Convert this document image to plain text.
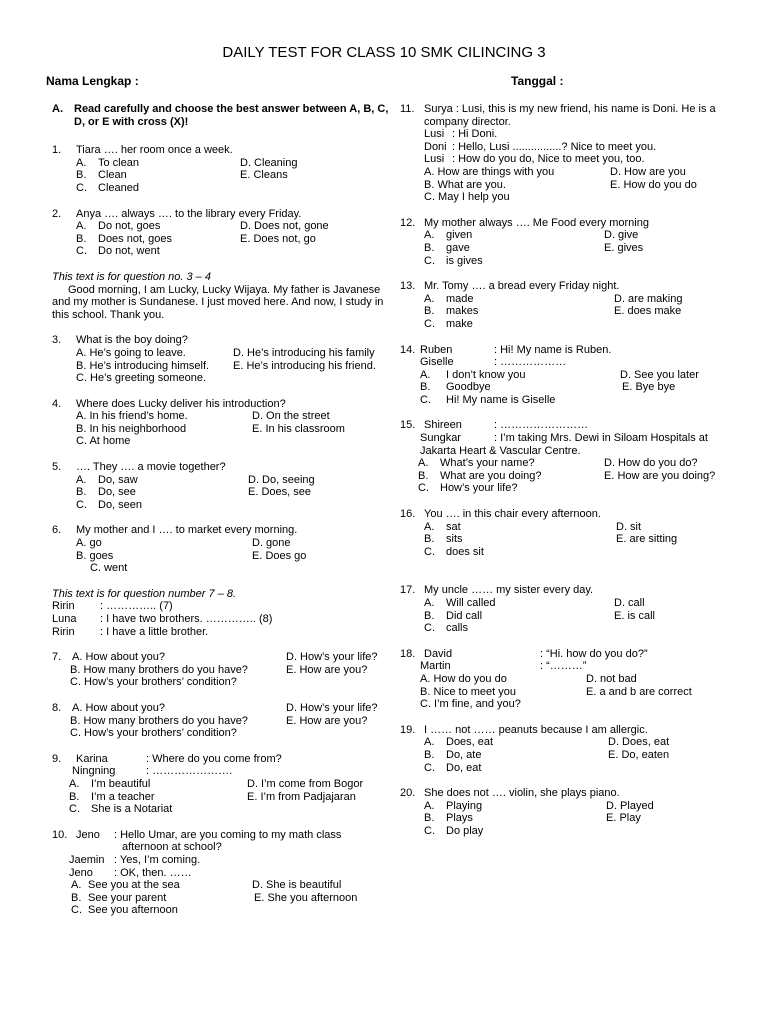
DAILY TEST FOR CLASS 10 SMK CILINCING 3
Nama Lengkap :	Tanggal :
A.	Read carefully and choose the best answer between A, B, C, D, or E with cross (X)!
1.	Tiara …. her room once a week.
A.	To clean	D. Cleaning
B.	Clean	E. Cleans
C.	Cleaned
2.	Anya …. always …. to the library every Friday.
A.	Do not, goes	D. Does not, gone
B.	Does not, goes	E. Does not, go
C.	Do not, went
This text is for question no. 3 – 4
Good morning, I am Lucky, Lucky Wijaya. My father is Javanese and my mother is Sundanese. I just moved here. And now, I study in this school. Thank you.
3.	What is the boy doing?
A. He’s going to leave.	D. He’s introducing his family
B. He’s introducing himself.	E. He’s introducing his friend.
C. He’s greeting someone.
4.	Where does Lucky deliver his introduction?
A. In his friend’s home.	D. On the street
B. In his neighborhood	E. In his classroom
C. At home
5.	…. They …. a movie together?
A.	Do, saw	D. Do, seeing
B.	Do, see	E. Does, see
C.	Do, seen
6.	My mother and I …. to market every morning.
A. go	D. gone
B. goes	E. Does go
C. went
This text is for question number 7 – 8.
Ririn	: ………….. (7)
Luna	: I have two brothers. ………….. (8)
Ririn	: I have a little brother.
7. A. How about you?	D. How’s your life?
B. How many brothers do you have?	E. How are you?
C. How’s your brothers’ condition?
8. A. How about you?	D. How’s your life?
B. How many brothers do you have?	E. How are you?
C. How’s your brothers’ condition?
9.	Karina	: Where do you come from?
Ningning	: ………………….
A.	I’m beautiful	D. I’m come from Bogor
B.	I’m a teacher	E. I’m from Padjajaran
C.	She is a Notariat
10. Jeno	: Hello Umar, are you coming to my math class
afternoon at school?
Jaemin : Yes, I’m coming.
Jeno	: OK, then. ……
A. See you at the sea	D. She is beautiful
B. See your parent	E. She you afternoon
C. See you afternoon
11. Surya : Lusi, this is my new friend, his name is Doni. He is a company director.
Lusi : Hi Doni.
Doni : Hello, Lusi ................? Nice to meet you.
Lusi : How do you do, Nice to meet you, too.
A. How are things with you	D. How are you
B. What are you.	E. How do you do
C. May I help you
12. My mother always …. Me Food every morning
A.	given	D. give
B.	gave	E. gives
C.	is gives
13. Mr. Tomy …. a bread every Friday night.
A.	made	D. are making
B.	makes	E. does make
C.	make
14. Ruben	: Hi! My name is Ruben.
Giselle	: ………………
A.	I don’t know you	D. See you later
B.	Goodbye	E. Bye bye
C.	Hi! My name is Giselle
15. Shireen	: ……………………
Sungkar	: I’m taking Mrs. Dewi in Siloam Hospitals at
Jakarta Heart & Vascular Centre.
A.	What’s your name?	D. How do you do?
B.	What are you doing?	E. How are you doing?
C.	How’s your life?
16. You …. in this chair every afternoon.
A.	sat	D. sit
B.	sits	E. are sitting
C.	does sit
17. My uncle …… my sister every day.
A.	Will called	D. call
B.	Did call	E. is call
C.	calls
18. David	: “Hi. how do you do?”
Martin	: “………”
A. How do you do	D. not bad
B. Nice to meet you	E. a and b are correct
C. I’m fine, and you?
19. I …… not …… peanuts because I am allergic.
A.	Does, eat	D. Does, eat
B.	Do, ate	E. Do, eaten
C.	Do, eat
20. She does not …. violin, she plays piano.
A.	Playing	D. Played
B.	Plays	E. Play
C.	Do play
